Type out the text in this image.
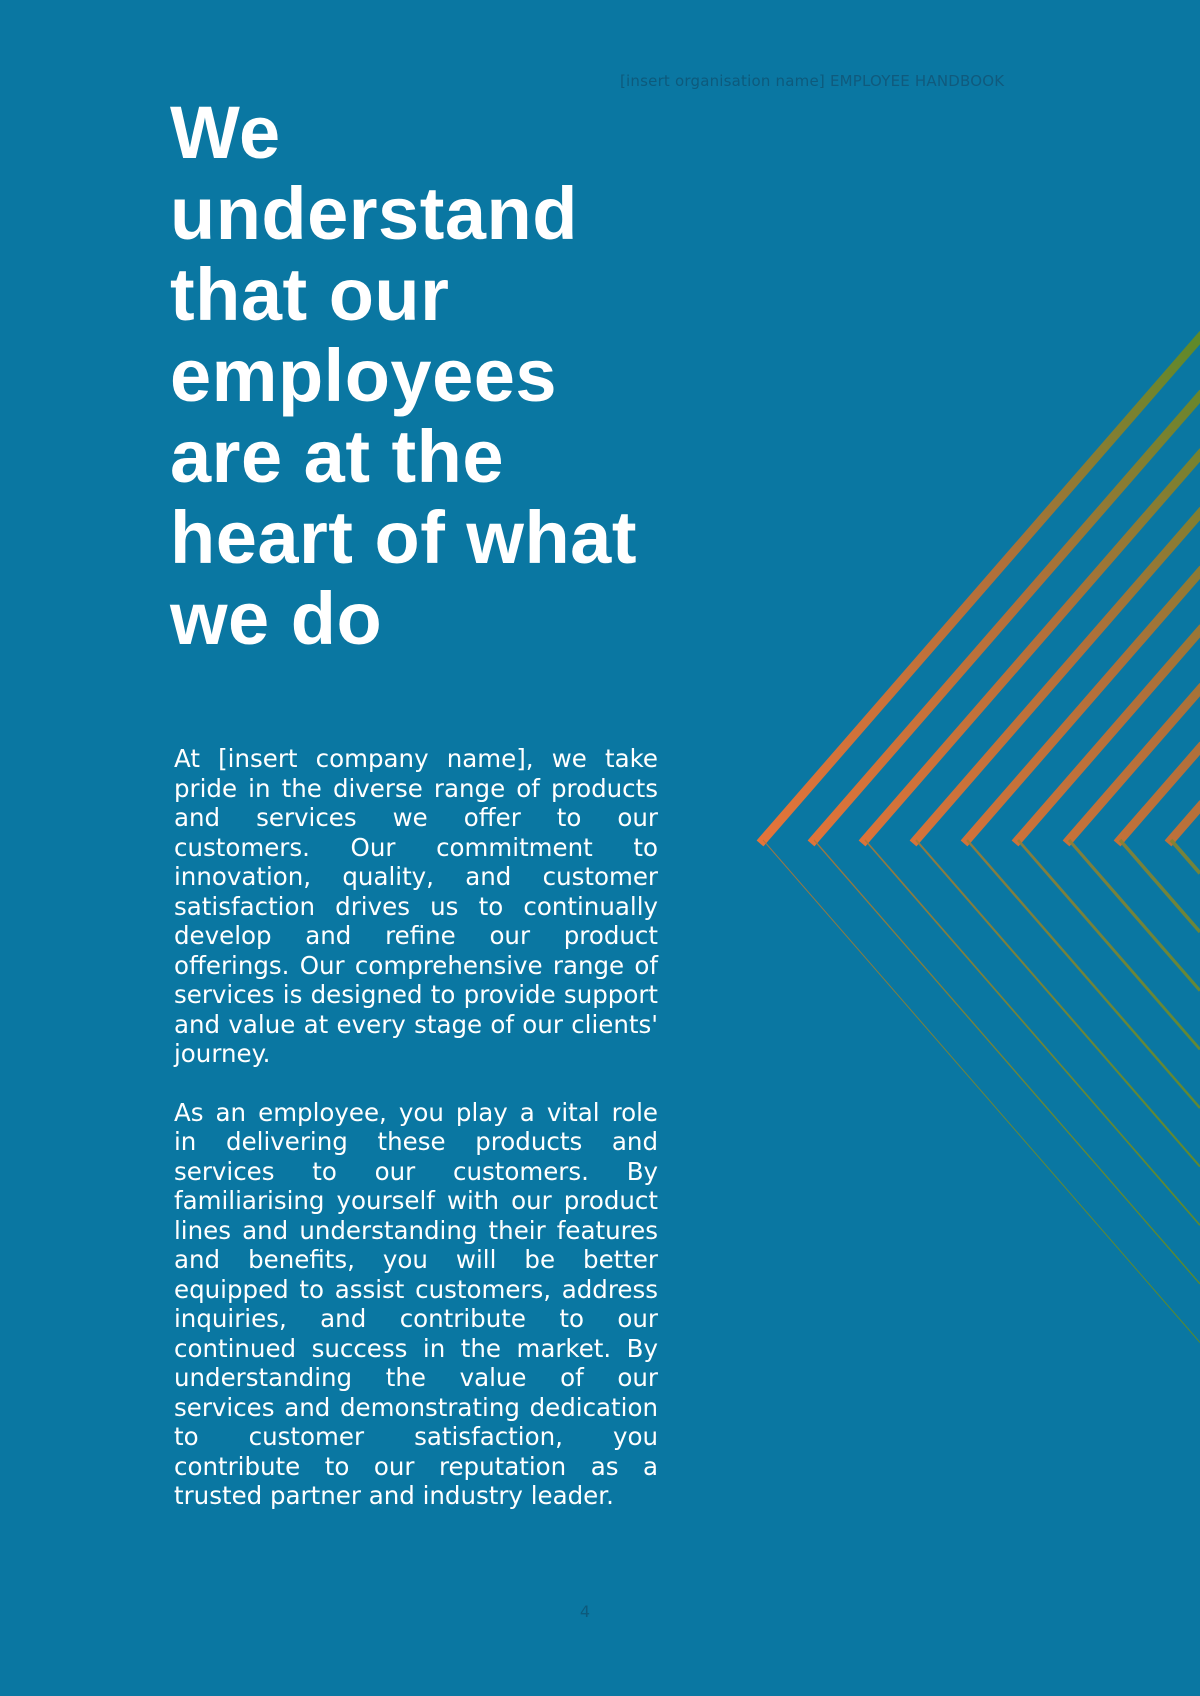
[insert organisation name] EMPLOYEE HANDBOOK
We understand that our employees are at the heart of what we do

At [insert company name], we take pride in the diverse range of products and services we offer to our customers. Our commitment to innovation, quality, and customer satisfaction drives us to continually develop and refine our product offerings. Our comprehensive range of services is designed to provide support and value at every stage of our clients' journey.

As an employee, you play a vital role in delivering these products and services to our customers. By familiarising yourself with our product lines and understanding their features and benefits, you will be better equipped to assist customers, address inquiries, and contribute to our continued success in the market. By understanding the value of our services and demonstrating dedication to customer satisfaction, you contribute to our reputation as a trusted partner and industry leader.

4
